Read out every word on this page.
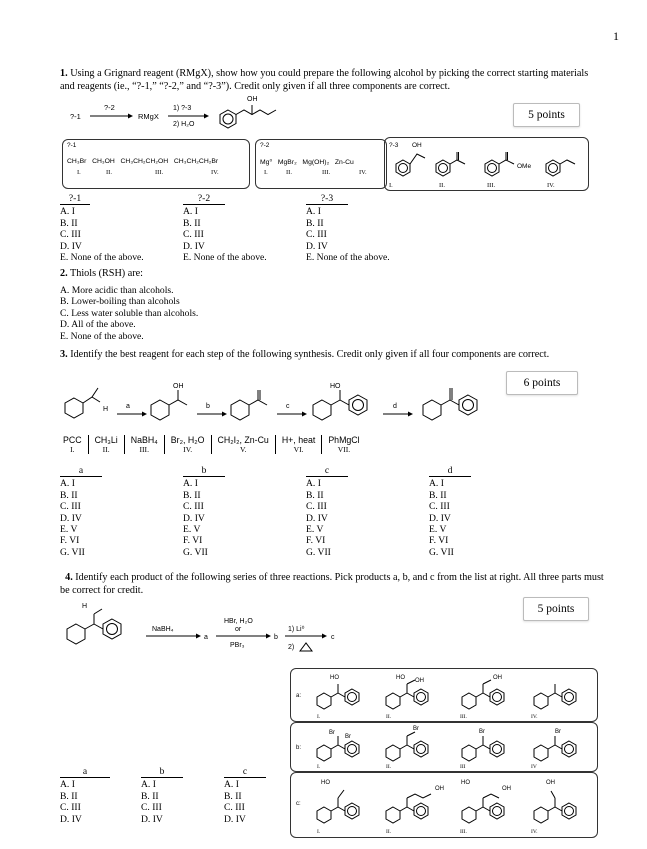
1
1. Using a Grignard reagent (RMgX), show how you could prepare the following alcohol by picking the correct starting materials and reagents (ie., “?-1,” “?-2,” and “?-3”). Credit only given if all three components are correct.
5 points
?-1
?-2
RMgX
1) ?-3
2) H₂O
OH
?-1
CH₃Br CH₃OH CH₃CH₂CH₂OH CH₃CH₂CH₂Br
I.	II.	III.	IV.
?-2
Mg⁰ MgBr₂ Mg(OH)₂ Zn-Cu
I.	II.	III.	IV.
?-3 OH
OMe
I.	II.	III.	IV.
?-1
A. I
B. II
C. III
D. IV
E. None of the above.
?-2
A. I
B. II
C. III
D. IV
E. None of the above.
?-3
A. I
B. II
C. III
D. IV
E. None of the above.
2. Thiols (RSH) are:
A. More acidic than alcohols.
B. Lower-boiling than alcohols
C. Less water soluble than alcohols.
D. All of the above.
E. None of the above.
3. Identify the best reagent for each step of the following synthesis. Credit only given if all four components are correct.
6 points
H	a
OH
b	c
HO
d
PCC
I.
CH₃Li
II.
NaBH₄
III.
Br₂, H₂O
IV.
CH₂I₂, Zn-Cu
V.
H+, heat
VI.
PhMgCl
VII.
a
A. I
B. II
C. III
D. IV
E. V
F. VI
G. VII
b
A. I
B. II
C. III
D. IV
E. V
F. VI
G. VII
c
A. I
B. II
C. III
D. IV
E. V
F. VI
G. VII
d
A. I
B. II
C. III
D. IV
E. V
F. VI
G. VII
4. Identify each product of the following series of three reactions. Pick products a, b, and c from the list at right. All three parts must be correct for credit.
5 points
H
NaBH₄
a
HBr, H₂O
or
PBr₃
b
1) Li⁰
2)
c
a:
HO	HO OH	OH
I.	II.	III.	IV.
b:
Br
Br
Br	Br	Br
I.	II.	III	IV
c:
HO
OH
HO
OH
OH
I.	II.	III.	IV.
a
A. I
B. II
C. III
D. IV
b
A. I
B. II
C. III
D. IV
c
A. I
B. II
C. III
D. IV
